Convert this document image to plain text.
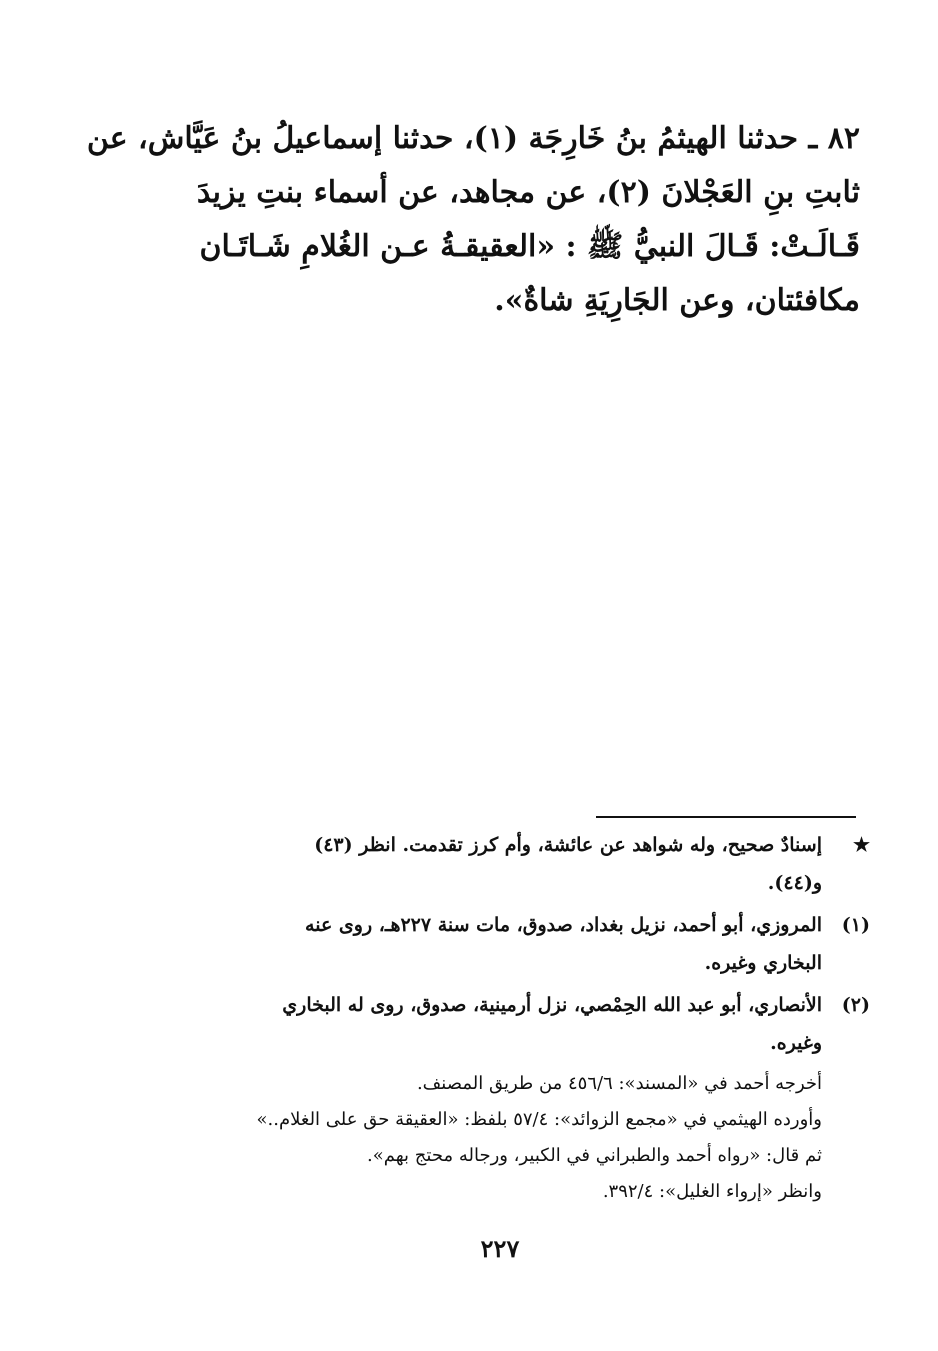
٨٢ ـ حدثنا الهيثمُ بنُ خَارِجَة (١)، حدثنا إسماعيلُ بنُ عَيَّاش، عن
ثابتِ بنِ العَجْلانَ (٢)، عن مجاهد، عن أسماء بنتِ يزيدَ
قَـالَـتْ: قَـالَ النبيُّ ﷺ : «العقيقـةُ عـن الغُلامِ شَـاتَـان
مكافئتان، وعن الجَارِيَةِ شاةٌ».
★
إسنادٌ صحيح، وله شواهد عن عائشة، وأم كرز تقدمت. انظر (٤٣)
و(٤٤).
(١)
المروزي، أبو أحمد، نزيل بغداد، صدوق، مات سنة ٢٢٧هـ، روى عنه
البخاري وغيره.
(٢)
الأنصاري، أبو عبد الله الحِمْصي، نزل أرمينية، صدوق، روى له البخاري
وغيره.
أخرجه أحمد في «المسند»: ٤٥٦/٦ من طريق المصنف.
وأورده الهيثمي في «مجمع الزوائد»: ٥٧/٤ بلفظ: «العقيقة حق على الغلام..»
ثم قال: «رواه أحمد والطبراني في الكبير، ورجاله محتج بهم».
وانظر «إرواء الغليل»: ٣٩٢/٤.
٢٢٧
